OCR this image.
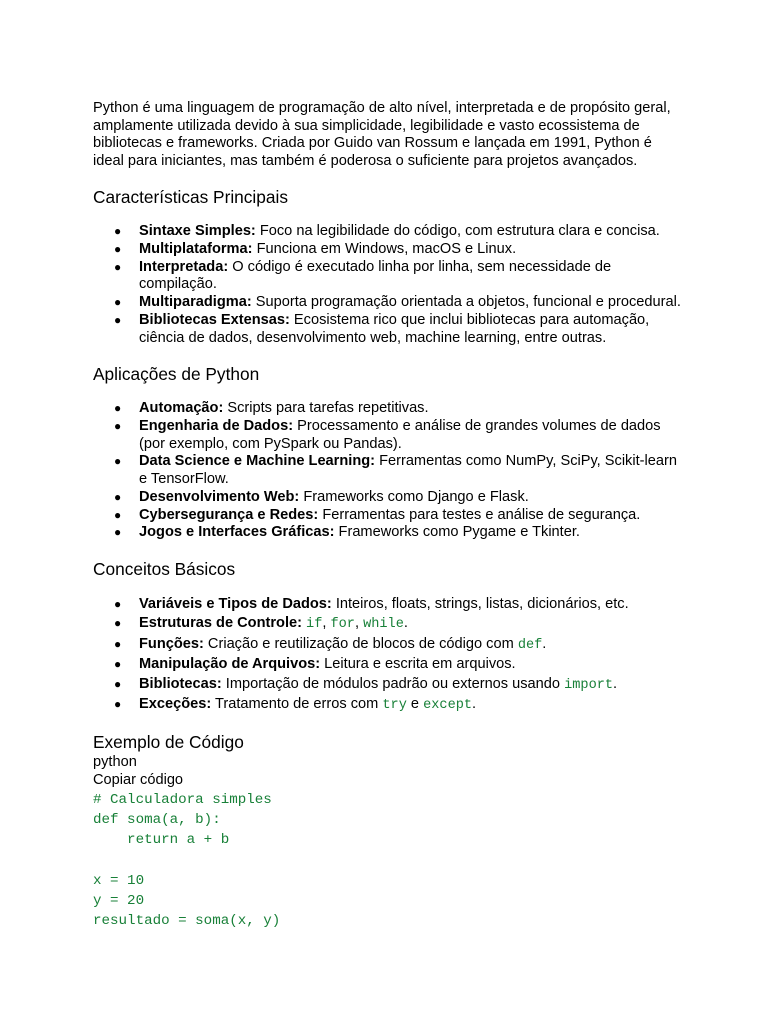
Python é uma linguagem de programação de alto nível, interpretada e de propósito geral, amplamente utilizada devido à sua simplicidade, legibilidade e vasto ecossistema de bibliotecas e frameworks. Criada por Guido van Rossum e lançada em 1991, Python é ideal para iniciantes, mas também é poderosa o suficiente para projetos avançados.

Características Principais
● Sintaxe Simples: Foco na legibilidade do código, com estrutura clara e concisa.
● Multiplataforma: Funciona em Windows, macOS e Linux.
● Interpretada: O código é executado linha por linha, sem necessidade de compilação.
● Multiparadigma: Suporta programação orientada a objetos, funcional e procedural.
● Bibliotecas Extensas: Ecosistema rico que inclui bibliotecas para automação, ciência de dados, desenvolvimento web, machine learning, entre outras.
Aplicações de Python
● Automação: Scripts para tarefas repetitivas.
● Engenharia de Dados: Processamento e análise de grandes volumes de dados (por exemplo, com PySpark ou Pandas).
● Data Science e Machine Learning: Ferramentas como NumPy, SciPy, Scikit-learn e TensorFlow.
● Desenvolvimento Web: Frameworks como Django e Flask.
● Cybersegurança e Redes: Ferramentas para testes e análise de segurança.
● Jogos e Interfaces Gráficas: Frameworks como Pygame e Tkinter.
Conceitos Básicos
● Variáveis e Tipos de Dados: Inteiros, floats, strings, listas, dicionários, etc.
● Estruturas de Controle: if, for, while.
● Funções: Criação e reutilização de blocos de código com def.
● Manipulação de Arquivos: Leitura e escrita em arquivos.
● Bibliotecas: Importação de módulos padrão ou externos usando import.
● Exceções: Tratamento de erros com try e except.
Exemplo de Código
python
Copiar código
# Calculadora simples
def soma(a, b):
return a + b

x = 10
y = 20
resultado = soma(x, y)
